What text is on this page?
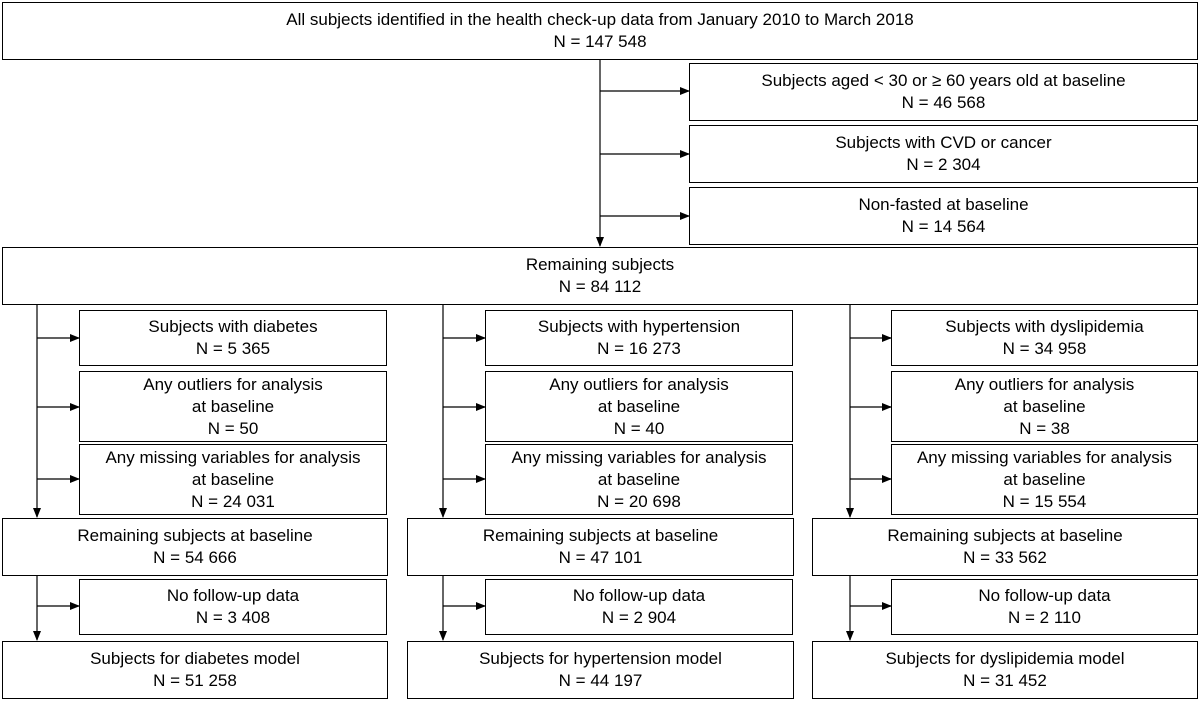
All subjects identified in the health check-up data from January 2010 to March 2018
N = 147 548
Subjects aged < 30 or ≥ 60 years old at baseline
N = 46 568
Subjects with CVD or cancer
N = 2 304
Non-fasted at baseline
N = 14 564
Remaining subjects
N = 84 112
Subjects with diabetes
N = 5 365
Any outliers for analysis
at baseline
N = 50
Any missing variables for analysis
at baseline
N = 24 031
Remaining subjects at baseline
N = 54 666
No follow-up data
N = 3 408
Subjects for diabetes model
N = 51 258
Subjects with hypertension
N = 16 273
Any outliers for analysis
at baseline
N = 40
Any missing variables for analysis
at baseline
N = 20 698
Remaining subjects at baseline
N = 47 101
No follow-up data
N = 2 904
Subjects for hypertension model
N = 44 197
Subjects with dyslipidemia
N = 34 958
Any outliers for analysis
at baseline
N = 38
Any missing variables for analysis
at baseline
N = 15 554
Remaining subjects at baseline
N = 33 562
No follow-up data
N = 2 110
Subjects for dyslipidemia model
N = 31 452
